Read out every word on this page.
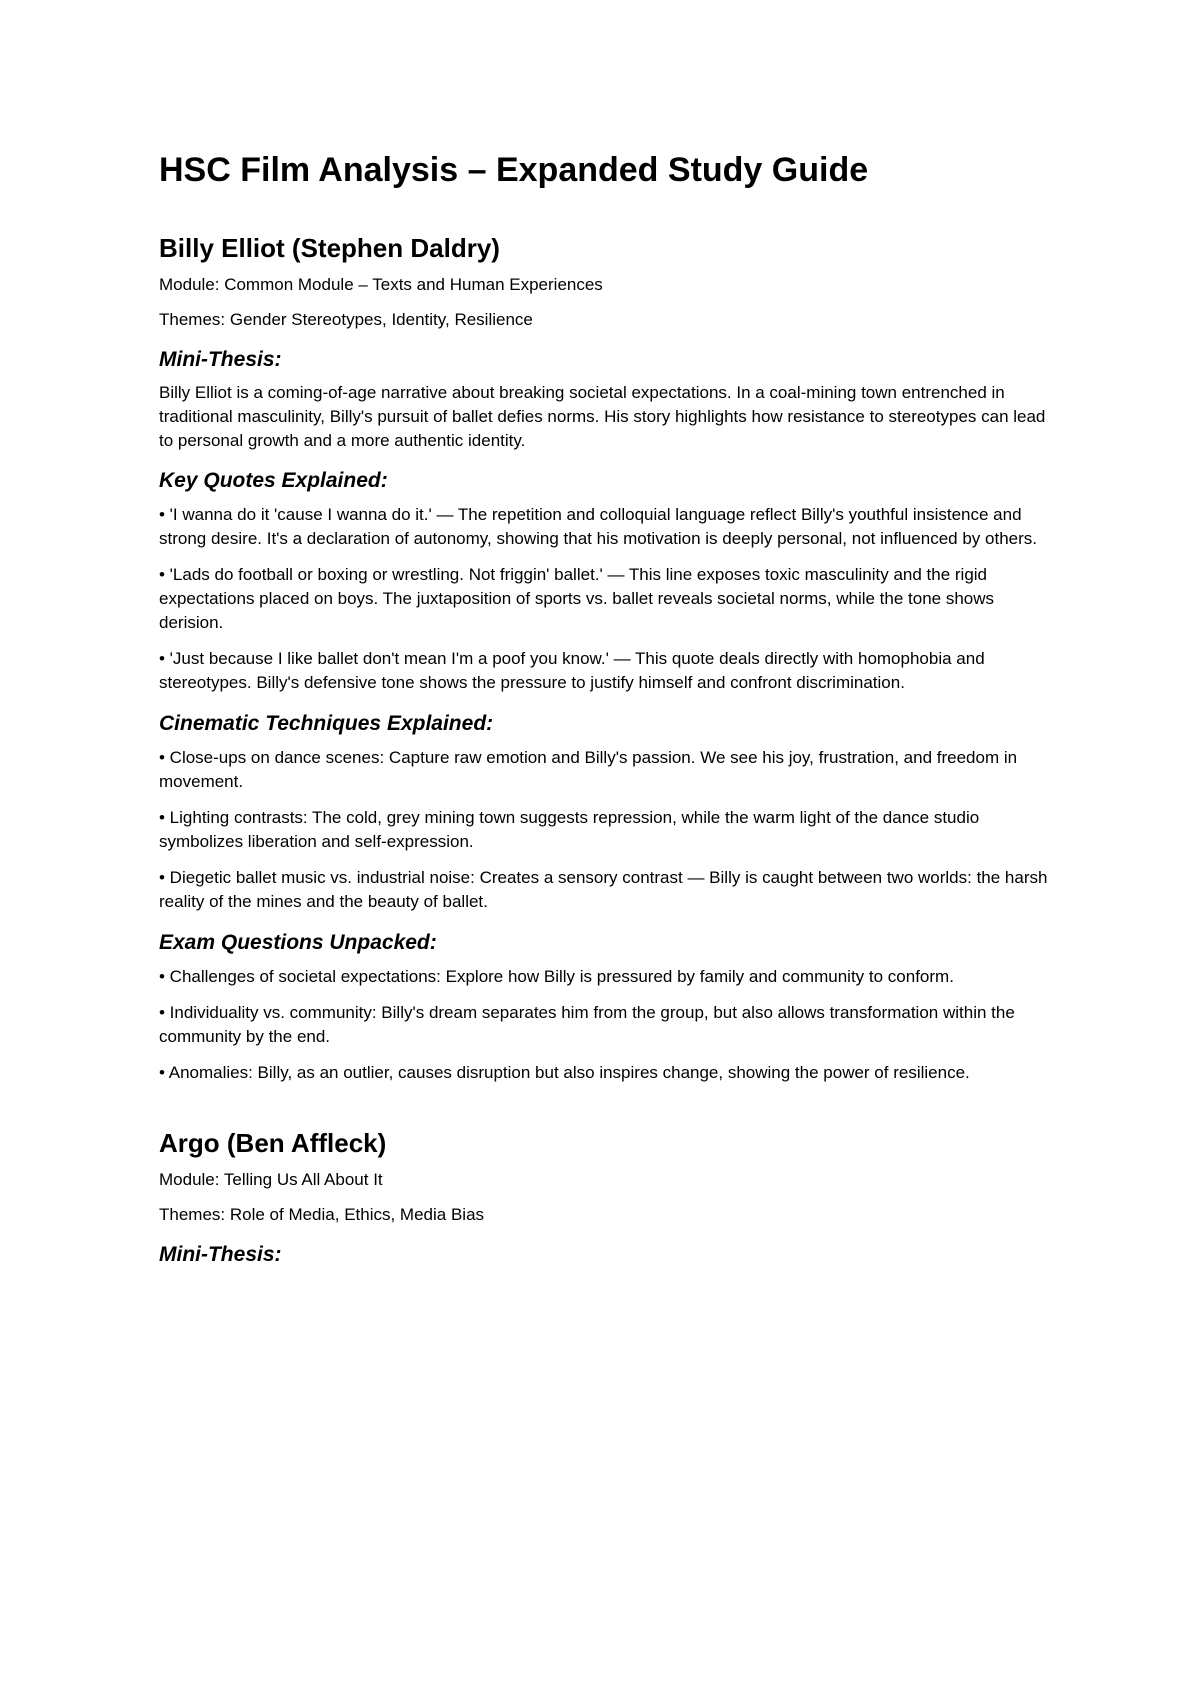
HSC Film Analysis – Expanded Study Guide
Billy Elliot (Stephen Daldry)

Module: Common Module – Texts and Human Experiences

Themes: Gender Stereotypes, Identity, Resilience

Mini-Thesis:

Billy Elliot is a coming-of-age narrative about breaking societal expectations. In a coal-mining town entrenched in traditional masculinity, Billy's pursuit of ballet defies norms. His story highlights how resistance to stereotypes can lead to personal growth and a more authentic identity.

Key Quotes Explained:

• 'I wanna do it 'cause I wanna do it.' — The repetition and colloquial language reflect Billy's youthful insistence and strong desire. It's a declaration of autonomy, showing that his motivation is deeply personal, not influenced by others.

• 'Lads do football or boxing or wrestling. Not friggin' ballet.' — This line exposes toxic masculinity and the rigid expectations placed on boys. The juxtaposition of sports vs. ballet reveals societal norms, while the tone shows derision.

• 'Just because I like ballet don't mean I'm a poof you know.' — This quote deals directly with homophobia and stereotypes. Billy's defensive tone shows the pressure to justify himself and confront discrimination.

Cinematic Techniques Explained:

• Close-ups on dance scenes: Capture raw emotion and Billy's passion. We see his joy, frustration, and freedom in movement.

• Lighting contrasts: The cold, grey mining town suggests repression, while the warm light of the dance studio symbolizes liberation and self-expression.

• Diegetic ballet music vs. industrial noise: Creates a sensory contrast — Billy is caught between two worlds: the harsh reality of the mines and the beauty of ballet.

Exam Questions Unpacked:

• Challenges of societal expectations: Explore how Billy is pressured by family and community to conform.

• Individuality vs. community: Billy's dream separates him from the group, but also allows transformation within the community by the end.

• Anomalies: Billy, as an outlier, causes disruption but also inspires change, showing the power of resilience.

Argo (Ben Affleck)

Module: Telling Us All About It

Themes: Role of Media, Ethics, Media Bias

Mini-Thesis:
